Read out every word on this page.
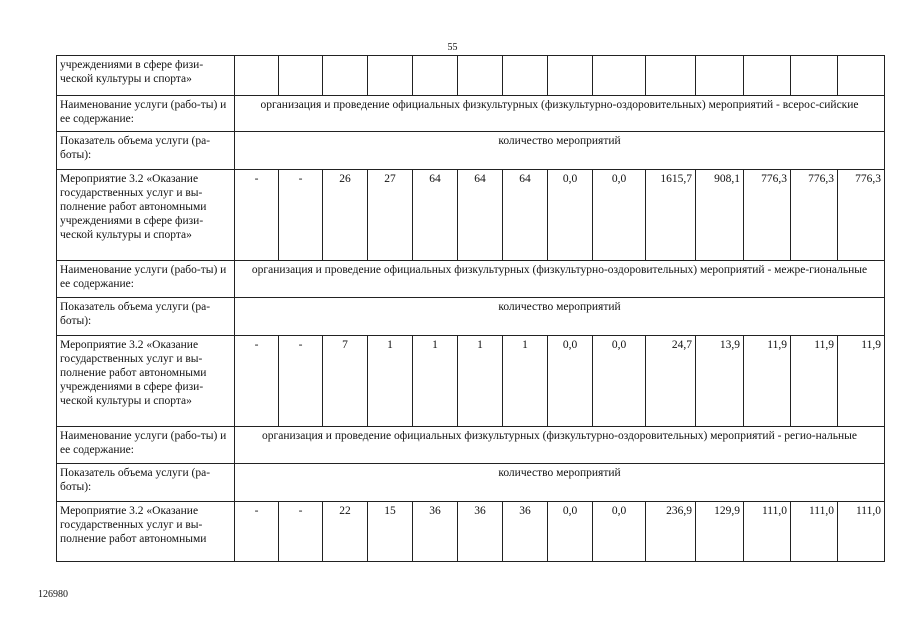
55
учреждениями в сфере физи-ческой культуры и спорта»														
Наименование услуги (рабо-ты) и ее содержание:	организация и проведение официальных физкультурных (физкультурно-оздоровительных) мероприятий - всерос-сийские													
Показатель объема услуги (ра-боты):	количество мероприятий													
Мероприятие 3.2 «Оказание государственных услуг и вы-полнение работ автономными учреждениями в сфере физи-ческой культуры и спорта»	-	-	26	27	64	64	64	0,0	0,0	1615,7	908,1	776,3	776,3	776,3
Наименование услуги (рабо-ты) и ее содержание:	организация и проведение официальных физкультурных (физкультурно-оздоровительных) мероприятий - межре-гиональные													
Показатель объема услуги (ра-боты):	количество мероприятий													
Мероприятие 3.2 «Оказание государственных услуг и вы-полнение работ автономными учреждениями в сфере физи-ческой культуры и спорта»	-	-	7	1	1	1	1	0,0	0,0	24,7	13,9	11,9	11,9	11,9
Наименование услуги (рабо-ты) и ее содержание:	организация и проведение официальных физкультурных (физкультурно-оздоровительных) мероприятий - регио-нальные													
Показатель объема услуги (ра-боты):	количество мероприятий													
Мероприятие 3.2 «Оказание государственных услуг и вы-полнение работ автономными	-	-	22	15	36	36	36	0,0	0,0	236,9	129,9	111,0	111,0	111,0
126980
